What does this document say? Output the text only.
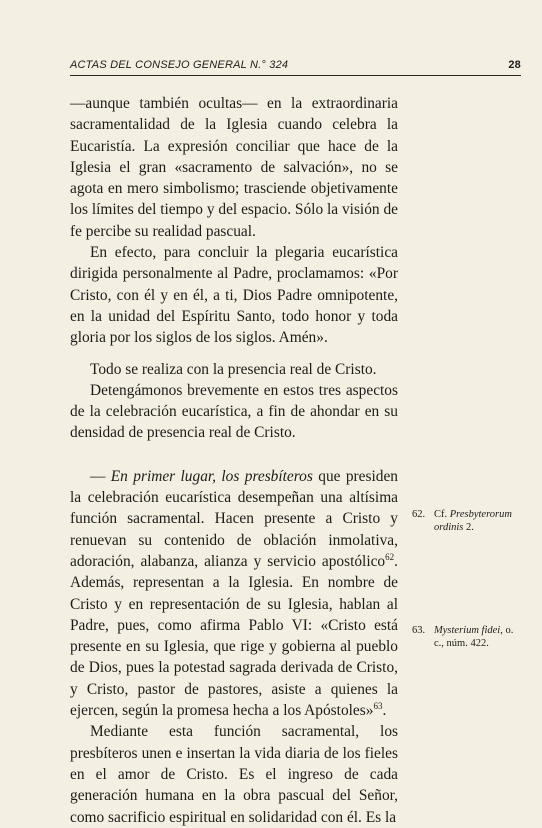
ACTAS DEL CONSEJO GENERAL N.° 324	28

—aunque también ocultas— en la extraordinaria sacramentalidad de la Iglesia cuando celebra la Eucaristía. La expresión conciliar que hace de la Iglesia el gran «sacramento de salvación», no se agota en mero simbolismo; trasciende objetivamente los límites del tiempo y del espacio. Sólo la visión de fe percibe su realidad pascual.

En efecto, para concluir la plegaria eucarística dirigida personalmente al Padre, proclamamos: «Por Cristo, con él y en él, a ti, Dios Padre omnipotente, en la unidad del Espíritu Santo, todo honor y toda gloria por los siglos de los siglos. Amén».

Todo se realiza con la presencia real de Cristo.

Detengámonos brevemente en estos tres aspectos de la celebración eucarística, a fin de ahondar en su densidad de presencia real de Cristo.

— En primer lugar, los presbíteros que presiden la celebración eucarística desempeñan una altísima función sacramental. Hacen presente a Cristo y renuevan su contenido de oblación inmolativa, adoración, alabanza, alianza y servicio apostólico$^{62}$. Además, representan a la Iglesia. En nombre de Cristo y en representación de su Iglesia, hablan al Padre, pues, como afirma Pablo VI: «Cristo está presente en su Iglesia, que rige y gobierna al pueblo de Dios, pues la potestad sagrada derivada de Cristo, y Cristo, pastor de pastores, asiste a quienes la ejercen, según la promesa hecha a los Apóstoles»$^{63}$.

Mediante esta función sacramental, los presbíteros unen e insertan la vida diaria de los fieles en el amor de Cristo. Es el ingreso de cada generación humana en la obra pascual del Señor, como sacrificio espiritual en solidaridad con él. Es la

62. Cf. Presbyterorum ordinis 2.
63. Mysterium fidei, o. c., núm. 422.
